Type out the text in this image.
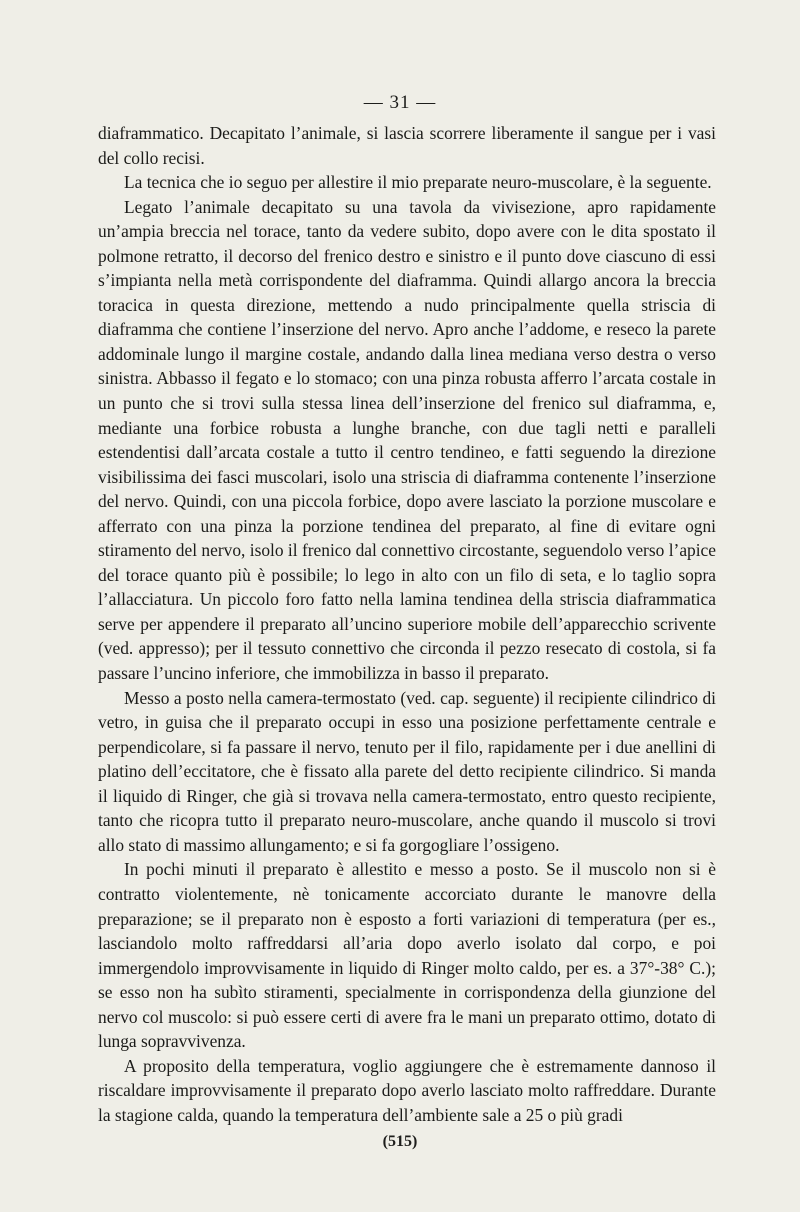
— 31 —

diaframmatico. Decapitato l’animale, si lascia scorrere liberamente il sangue per i vasi del collo recisi.

La tecnica che io seguo per allestire il mio preparate neuro-muscolare, è la seguente.

Legato l’animale decapitato su una tavola da vivisezione, apro rapidamente un’ampia breccia nel torace, tanto da vedere subito, dopo avere con le dita spostato il polmone retratto, il decorso del frenico destro e sinistro e il punto dove ciascuno di essi s’impianta nella metà corrispondente del diaframma. Quindi allargo ancora la breccia toracica in questa direzione, mettendo a nudo principalmente quella striscia di diaframma che contiene l’inserzione del nervo. Apro anche l’addome, e reseco la parete addominale lungo il margine costale, andando dalla linea mediana verso destra o verso sinistra. Abbasso il fegato e lo stomaco; con una pinza robusta afferro l’arcata costale in un punto che si trovi sulla stessa linea dell’inserzione del frenico sul diaframma, e, mediante una forbice robusta a lunghe branche, con due tagli netti e paralleli estendentisi dall’arcata costale a tutto il centro tendineo, e fatti seguendo la direzione visibilissima dei fasci muscolari, isolo una striscia di diaframma contenente l’inserzione del nervo. Quindi, con una piccola forbice, dopo avere lasciato la porzione muscolare e afferrato con una pinza la porzione tendinea del preparato, al fine di evitare ogni stiramento del nervo, isolo il frenico dal connettivo circostante, seguendolo verso l’apice del torace quanto più è possibile; lo lego in alto con un filo di seta, e lo taglio sopra l’allacciatura. Un piccolo foro fatto nella lamina tendinea della striscia diaframmatica serve per appendere il preparato all’uncino superiore mobile dell’apparecchio scrivente (ved. appresso); per il tessuto connettivo che circonda il pezzo resecato di costola, si fa passare l’uncino inferiore, che immobilizza in basso il preparato.

Messo a posto nella camera-termostato (ved. cap. seguente) il recipiente cilindrico di vetro, in guisa che il preparato occupi in esso una posizione perfettamente centrale e perpendicolare, si fa passare il nervo, tenuto per il filo, rapidamente per i due anellini di platino dell’eccitatore, che è fissato alla parete del detto recipiente cilindrico. Si manda il liquido di Ringer, che già si trovava nella camera-termostato, entro questo recipiente, tanto che ricopra tutto il preparato neuro-muscolare, anche quando il muscolo si trovi allo stato di massimo allungamento; e si fa gorgogliare l’ossigeno.

In pochi minuti il preparato è allestito e messo a posto. Se il muscolo non si è contratto violentemente, nè tonicamente accorciato durante le manovre della preparazione; se il preparato non è esposto a forti variazioni di temperatura (per es., lasciandolo molto raffreddarsi all’aria dopo averlo isolato dal corpo, e poi immergendolo improvvisamente in liquido di Ringer molto caldo, per es. a 37°-38° C.); se esso non ha subìto stiramenti, specialmente in corrispondenza della giunzione del nervo col muscolo: si può essere certi di avere fra le mani un preparato ottimo, dotato di lunga sopravvivenza.

A proposito della temperatura, voglio aggiungere che è estremamente dannoso il riscaldare improvvisamente il preparato dopo averlo lasciato molto raffreddare. Durante la stagione calda, quando la temperatura dell’ambiente sale a 25 o più gradi

(515)
